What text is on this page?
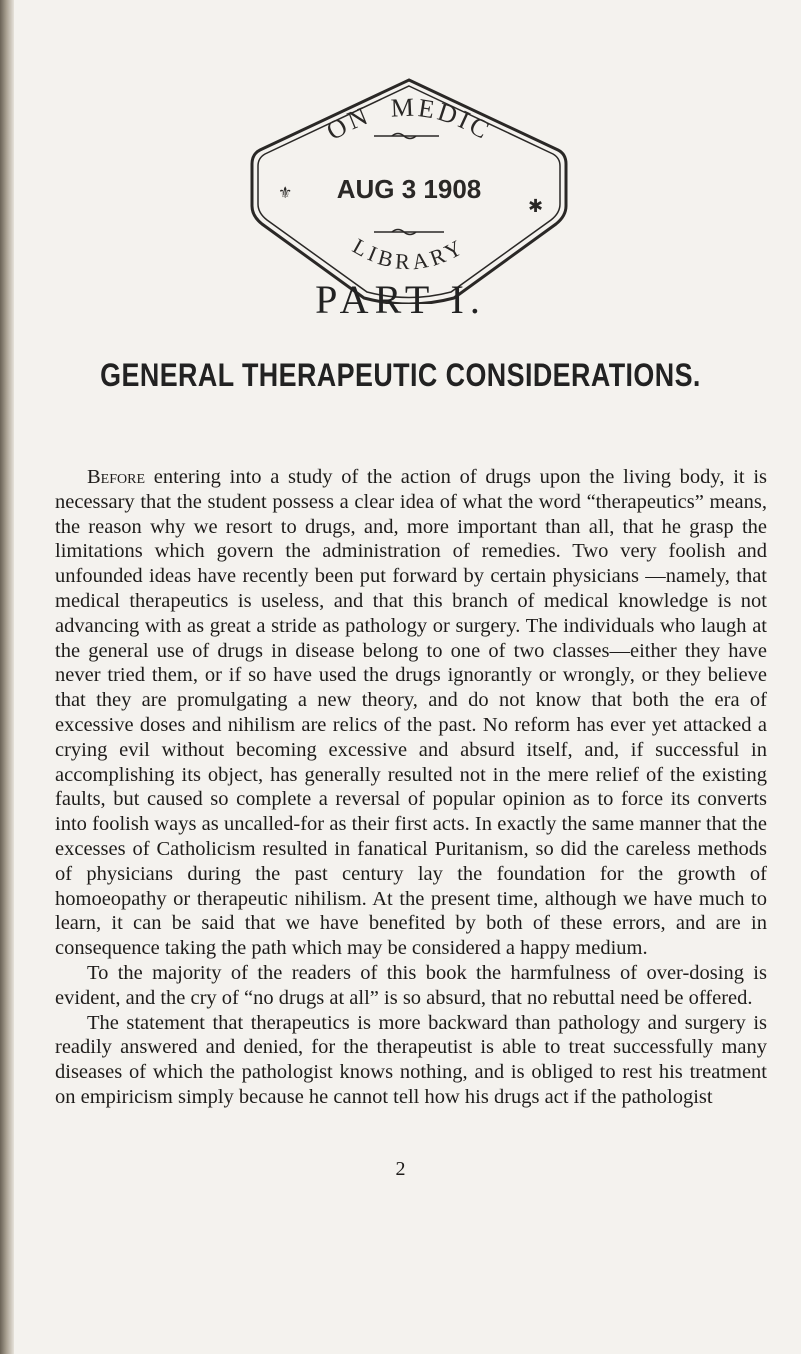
ON MEDIC
AUG 3 1908
⚜
✱
LIBRARY
PART I.
GENERAL THERAPEUTIC CONSIDERATIONS.

Before entering into a study of the action of drugs upon the living body, it is necessary that the student possess a clear idea of what the word “therapeutics” means, the reason why we resort to drugs, and, more important than all, that he grasp the limitations which govern the administration of remedies. Two very foolish and unfounded ideas have recently been put forward by certain physicians —namely, that medical therapeutics is useless, and that this branch of medical knowledge is not advancing with as great a stride as pathology or surgery. The individuals who laugh at the general use of drugs in disease belong to one of two classes—either they have never tried them, or if so have used the drugs ignorantly or wrongly, or they believe that they are promulgating a new theory, and do not know that both the era of excessive doses and nihilism are relics of the past. No reform has ever yet attacked a crying evil without becoming excessive and absurd itself, and, if successful in accomplishing its object, has generally resulted not in the mere relief of the existing faults, but caused so complete a reversal of popular opinion as to force its converts into foolish ways as uncalled-for as their first acts. In exactly the same manner that the excesses of Catholicism resulted in fanatical Puritanism, so did the careless methods of physicians during the past century lay the foundation for the growth of homoeopathy or therapeutic nihilism. At the present time, although we have much to learn, it can be said that we have benefited by both of these errors, and are in consequence taking the path which may be considered a happy medium.

To the majority of the readers of this book the harmfulness of over-dosing is evident, and the cry of “no drugs at all” is so absurd, that no rebuttal need be offered.

The statement that therapeutics is more backward than pathology and surgery is readily answered and denied, for the therapeutist is able to treat successfully many diseases of which the pathologist knows nothing, and is obliged to rest his treatment on empiricism simply because he cannot tell how his drugs act if the pathologist

2
